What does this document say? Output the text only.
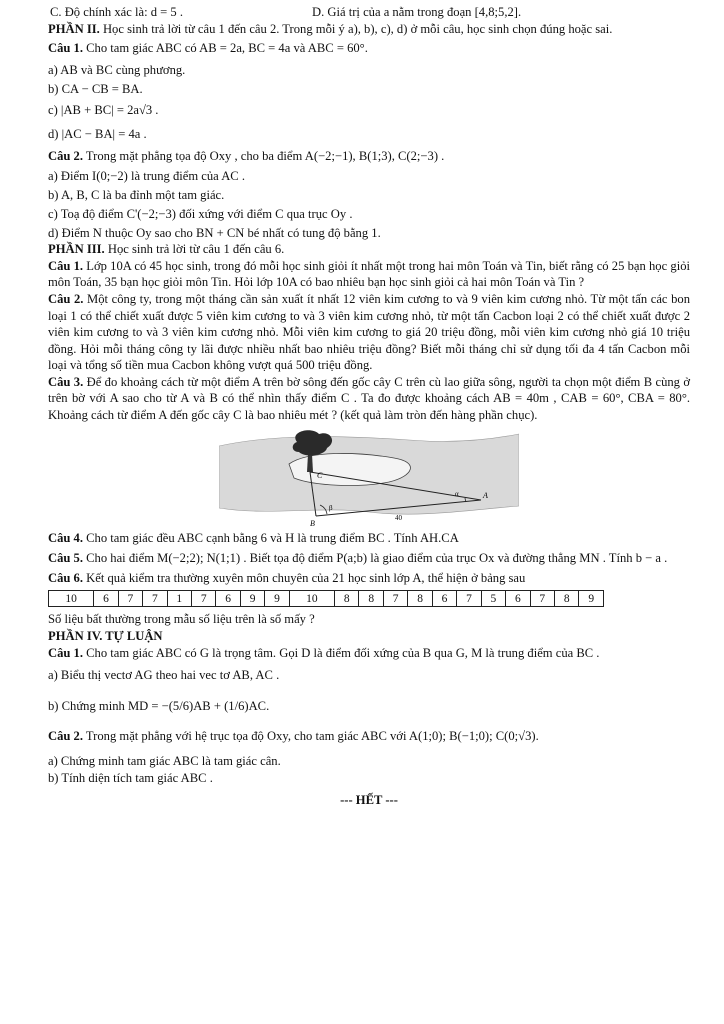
C. Độ chính xác là: d = 5 .	D. Giá trị của a nằm trong đoạn [4,8;5,2].

PHẦN II. Học sinh trả lời từ câu 1 đến câu 2. Trong mỗi ý a), b), c), d) ở mỗi câu, học sinh chọn đúng hoặc sai.

Câu 1. Cho tam giác ABC có AB = 2a, BC = 4a và ABC = 60°.

a) AB và BC cùng phương.

b) CA − CB = BA.

c) |AB + BC| = 2a√3 .

d) |AC − BA| = 4a .

Câu 2. Trong mặt phẳng tọa độ Oxy , cho ba điểm A(−2;−1), B(1;3), C(2;−3) .

a) Điểm I(0;−2) là trung điểm của AC .

b) A, B, C là ba đỉnh một tam giác.

c) Toạ độ điểm C'(−2;−3) đối xứng với điểm C qua trục Oy .

d) Điểm N thuộc Oy sao cho BN + CN bé nhất có tung độ bằng 1.

PHẦN III. Học sinh trả lời từ câu 1 đến câu 6.

Câu 1. Lớp 10A có 45 học sinh, trong đó mỗi học sinh giỏi ít nhất một trong hai môn Toán và Tin, biết rằng có 25 bạn học giỏi môn Toán, 35 bạn học giỏi môn Tin. Hỏi lớp 10A có bao nhiêu bạn học sinh giỏi cả hai môn Toán và Tin ?

Câu 2. Một công ty, trong một tháng cần sản xuất ít nhất 12 viên kim cương to và 9 viên kim cương nhỏ. Từ một tấn các bon loại 1 có thể chiết xuất được 5 viên kim cương to và 3 viên kim cương nhỏ, từ một tấn Cacbon loại 2 có thể chiết xuất được 2 viên kim cương to và 3 viên kim cương nhỏ. Mỗi viên kim cương to giá 20 triệu đồng, mỗi viên kim cương nhỏ giá 10 triệu đồng. Hỏi mỗi tháng công ty lãi được nhiều nhất bao nhiêu triệu đồng? Biết mỗi tháng chỉ sử dụng tối đa 4 tấn Cacbon mỗi loại và tổng số tiền mua Cacbon không vượt quá 500 triệu đồng.

Câu 3. Để đo khoảng cách từ một điểm A trên bờ sông đến gốc cây C trên cù lao giữa sông, người ta chọn một điểm B cùng ở trên bờ với A sao cho từ A và B có thể nhìn thấy điểm C . Ta đo được khoảng cách AB = 40m , CAB = 60°, CBA = 80°. Khoảng cách từ điểm A đến gốc cây C là bao nhiêu mét ? (kết quả làm tròn đến hàng phần chục).

C
B
A
40
β
α

Câu 4. Cho tam giác đều ABC cạnh bằng 6 và H là trung điểm BC . Tính AH.CA

Câu 5. Cho hai điểm M(−2;2); N(1;1) . Biết tọa độ điểm P(a;b) là giao điểm của trục Ox và đường thẳng MN . Tính b − a .

Câu 6. Kết quả kiểm tra thường xuyên môn chuyên của 21 học sinh lớp A, thể hiện ở bảng sau

10	6	7	7	1	7	6	9	9	10	8	8	7	8	6	7	5	6	7	8	9

Số liệu bất thường trong mẫu số liệu trên là số mấy ?

PHẦN IV. TỰ LUẬN

Câu 1. Cho tam giác ABC có G là trọng tâm. Gọi D là điểm đối xứng của B qua G, M là trung điểm của BC .

a) Biểu thị vectơ AG theo hai vec tơ AB, AC .

b) Chứng minh MD = −(5/6)AB + (1/6)AC.

Câu 2. Trong mặt phẳng với hệ trục tọa độ Oxy, cho tam giác ABC với A(1;0); B(−1;0); C(0;√3).

a) Chứng minh tam giác ABC là tam giác cân.

b) Tính diện tích tam giác ABC .

--- HẾT ---
